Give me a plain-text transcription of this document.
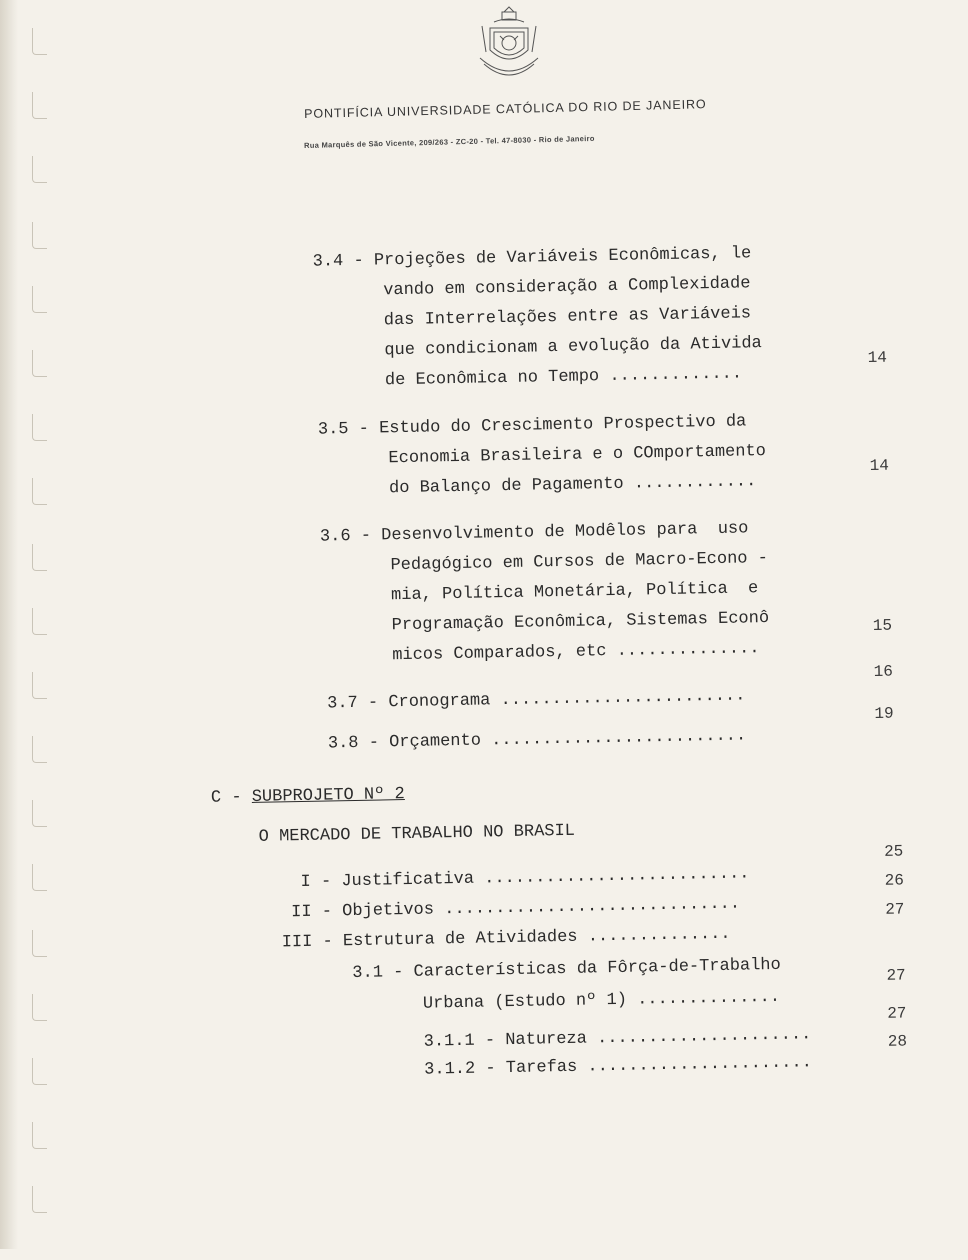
PONTIFÍCIA UNIVERSIDADE CATÓLICA DO RIO DE JANEIRO
Rua Marquês de São Vicente, 209/263 - ZC-20 - Tel. 47-8030 - Rio de Janeiro
3.4 - Projeções de Variáveis Econômicas, le
vando em consideração a Complexidade
das Interrelações entre as Variáveis
que condicionam a evolução da Ativida
de Econômica no Tempo .............
14
3.5 - Estudo do Crescimento Prospectivo da
Economia Brasileira e o COmportamento
do Balanço de Pagamento ............
14
3.6 - Desenvolvimento de Modêlos para  uso
Pedagógico em Cursos de Macro-Econo -
mia, Política Monetária, Política  e
Programação Econômica, Sistemas Econô
micos Comparados, etc ..............
15
3.7 - Cronograma ........................
16
3.8 - Orçamento .........................
19
C - SUBPROJETO Nº 2
O MERCADO DE TRABALHO NO BRASIL
I - Justificativa ..........................
25
II - Objetivos .............................
26
III - Estrutura de Atividades ..............
27
3.1 - Características da Fôrça-de-Trabalho
Urbana (Estudo nº 1) ..............
27
3.1.1 - Natureza .....................
27
3.1.2 - Tarefas ......................
28
